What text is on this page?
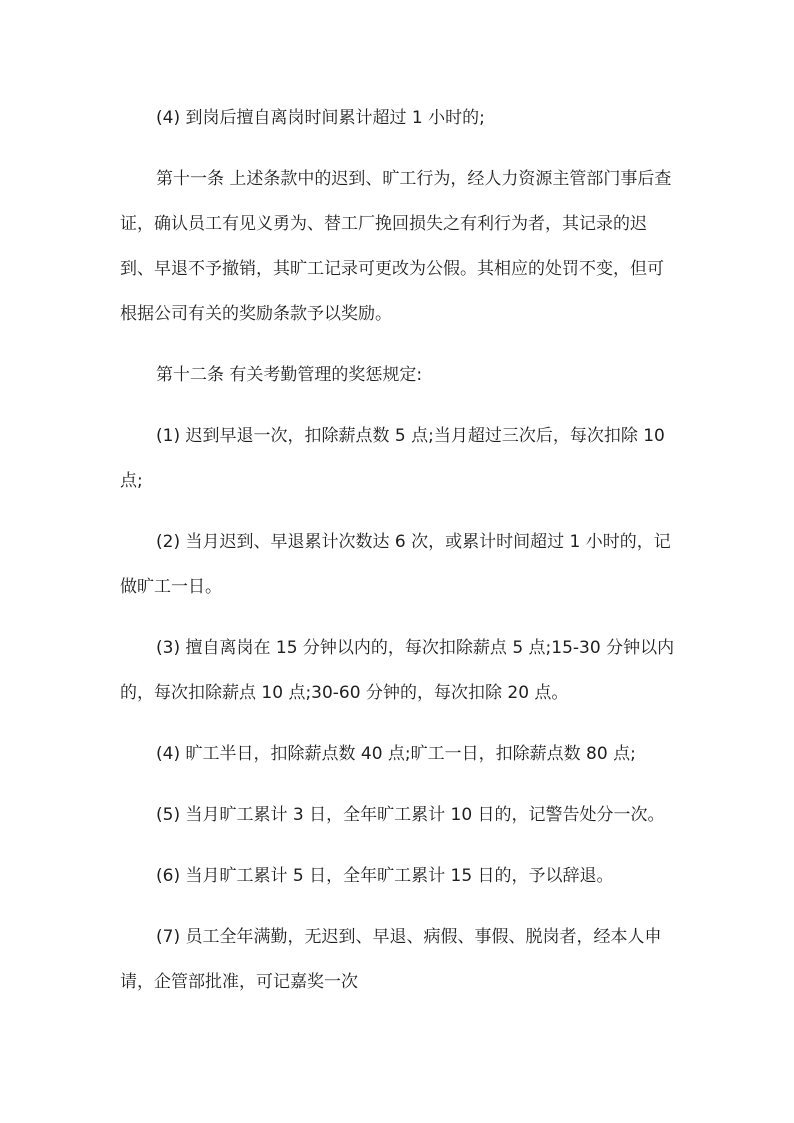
(4) 到岗后擅自离岗时间累计超过 1 小时的;

第十一条 上述条款中的迟到、旷工行为，经人力资源主管部门事后查证，确认员工有见义勇为、替工厂挽回损失之有利行为者，其记录的迟到、早退不予撤销，其旷工记录可更改为公假。其相应的处罚不变，但可根据公司有关的奖励条款予以奖励。

第十二条 有关考勤管理的奖惩规定:

(1) 迟到早退一次，扣除薪点数 5 点;当月超过三次后，每次扣除 10 点;

(2) 当月迟到、早退累计次数达 6 次，或累计时间超过 1 小时的，记做旷工一日。

(3) 擅自离岗在 15 分钟以内的，每次扣除薪点 5 点;15-30 分钟以内的，每次扣除薪点 10 点;30-60 分钟的，每次扣除 20 点。

(4) 旷工半日，扣除薪点数 40 点;旷工一日，扣除薪点数 80 点;

(5) 当月旷工累计 3 日，全年旷工累计 10 日的，记警告处分一次。

(6) 当月旷工累计 5 日，全年旷工累计 15 日的，予以辞退。

(7) 员工全年满勤，无迟到、早退、病假、事假、脱岗者，经本人申请，企管部批准，可记嘉奖一次
